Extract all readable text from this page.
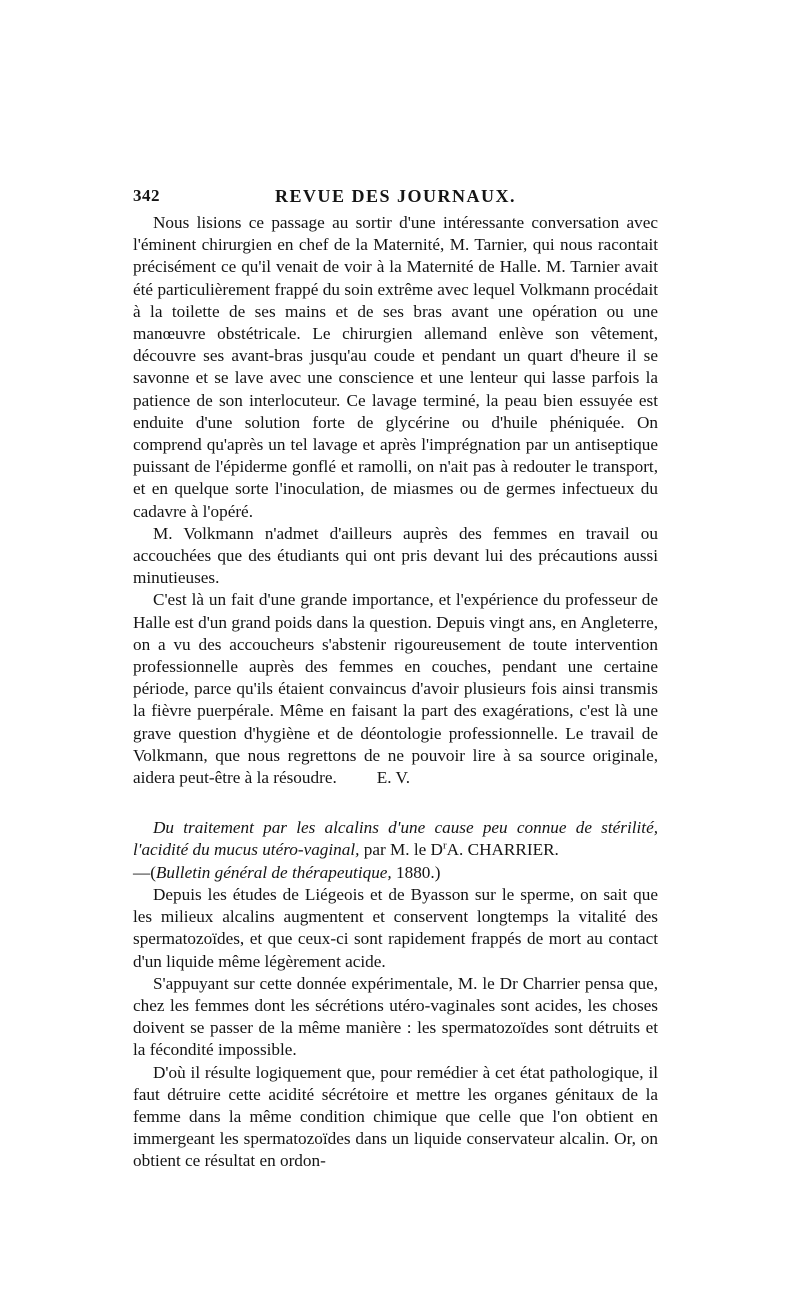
342	REVUE DES JOURNAUX.

Nous lisions ce passage au sortir d'une intéressante conversation avec l'éminent chirurgien en chef de la Maternité, M. Tarnier, qui nous racontait précisément ce qu'il venait de voir à la Maternité de Halle. M. Tarnier avait été particulièrement frappé du soin extrême avec lequel Volkmann procédait à la toilette de ses mains et de ses bras avant une opération ou une manœuvre obstétricale. Le chirurgien allemand enlève son vêtement, découvre ses avant-bras jusqu'au coude et pendant un quart d'heure il se savonne et se lave avec une conscience et une lenteur qui lasse parfois la patience de son interlocuteur. Ce lavage terminé, la peau bien essuyée est enduite d'une solution forte de glycérine ou d'huile phéniquée. On comprend qu'après un tel lavage et après l'imprégnation par un antiseptique puissant de l'épiderme gonflé et ramolli, on n'ait pas à redouter le transport, et en quelque sorte l'inoculation, de miasmes ou de germes infectueux du cadavre à l'opéré.

M. Volkmann n'admet d'ailleurs auprès des femmes en travail ou accouchées que des étudiants qui ont pris devant lui des précautions aussi minutieuses.

C'est là un fait d'une grande importance, et l'expérience du professeur de Halle est d'un grand poids dans la question. Depuis vingt ans, en Angleterre, on a vu des accoucheurs s'abstenir rigoureusement de toute intervention professionnelle auprès des femmes en couches, pendant une certaine période, parce qu'ils étaient convaincus d'avoir plusieurs fois ainsi transmis la fièvre puerpérale. Même en faisant la part des exagérations, c'est là une grave question d'hygiène et de déontologie professionnelle. Le travail de Volkmann, que nous regrettons de ne pouvoir lire à sa source originale, aidera peut-être à la résoudre. E. V.

Du traitement par les alcalins d'une cause peu connue de stérilité, l'acidité du mucus utéro-vaginal, par M. le $D^rA$. CHARRIER.
—(Bulletin général de thérapeutique, 1880.)

Depuis les études de Liégeois et de Byasson sur le sperme, on sait que les milieux alcalins augmentent et conservent longtemps la vitalité des spermatozoïdes, et que ceux-ci sont rapidement frappés de mort au contact d'un liquide même légèrement acide.

S'appuyant sur cette donnée expérimentale, M. le Dr Charrier pensa que, chez les femmes dont les sécrétions utéro-vaginales sont acides, les choses doivent se passer de la même manière : les spermatozoïdes sont détruits et la fécondité impossible.

D'où il résulte logiquement que, pour remédier à cet état pathologique, il faut détruire cette acidité sécrétoire et mettre les organes génitaux de la femme dans la même condition chimique que celle que l'on obtient en immergeant les spermatozoïdes dans un liquide conservateur alcalin. Or, on obtient ce résultat en ordon-
